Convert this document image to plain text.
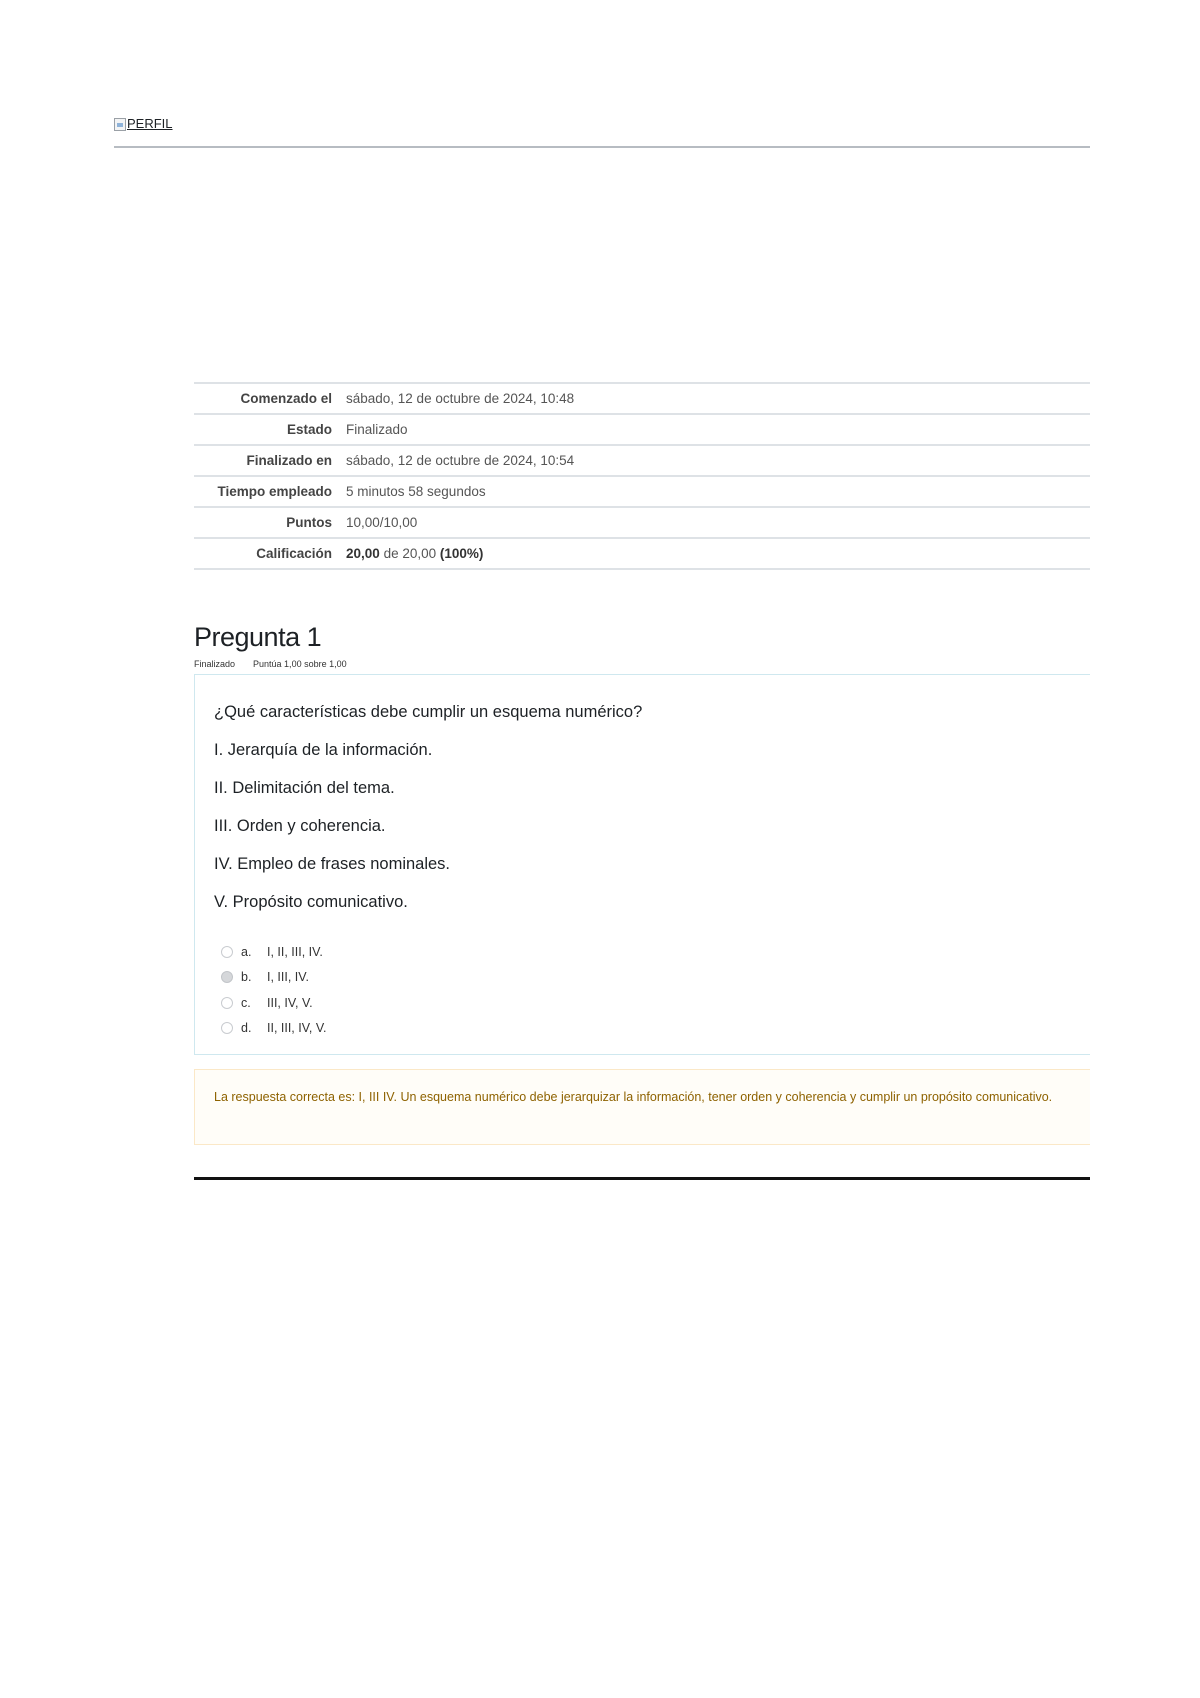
PERFIL
Comenzado el	sábado, 12 de octubre de 2024, 10:48
Estado	Finalizado
Finalizado en	sábado, 12 de octubre de 2024, 10:54
Tiempo empleado	5 minutos 58 segundos
Puntos	10,00/10,00
Calificación	20,00 de 20,00 (100%)
Pregunta 1
Finalizado Puntúa 1,00 sobre 1,00

¿Qué características debe cumplir un esquema numérico?

I. Jerarquía de la información.

II. Delimitación del tema.

III. Orden y coherencia.

IV. Empleo de frases nominales.

V. Propósito comunicativo.

a.	I, II, III, IV.
b.	I, III, IV.
c.	III, IV, V.
d.	II, III, IV, V.
La respuesta correcta es: I, III IV. Un esquema numérico debe jerarquizar la información, tener orden y coherencia y cumplir un propósito comunicativo.
